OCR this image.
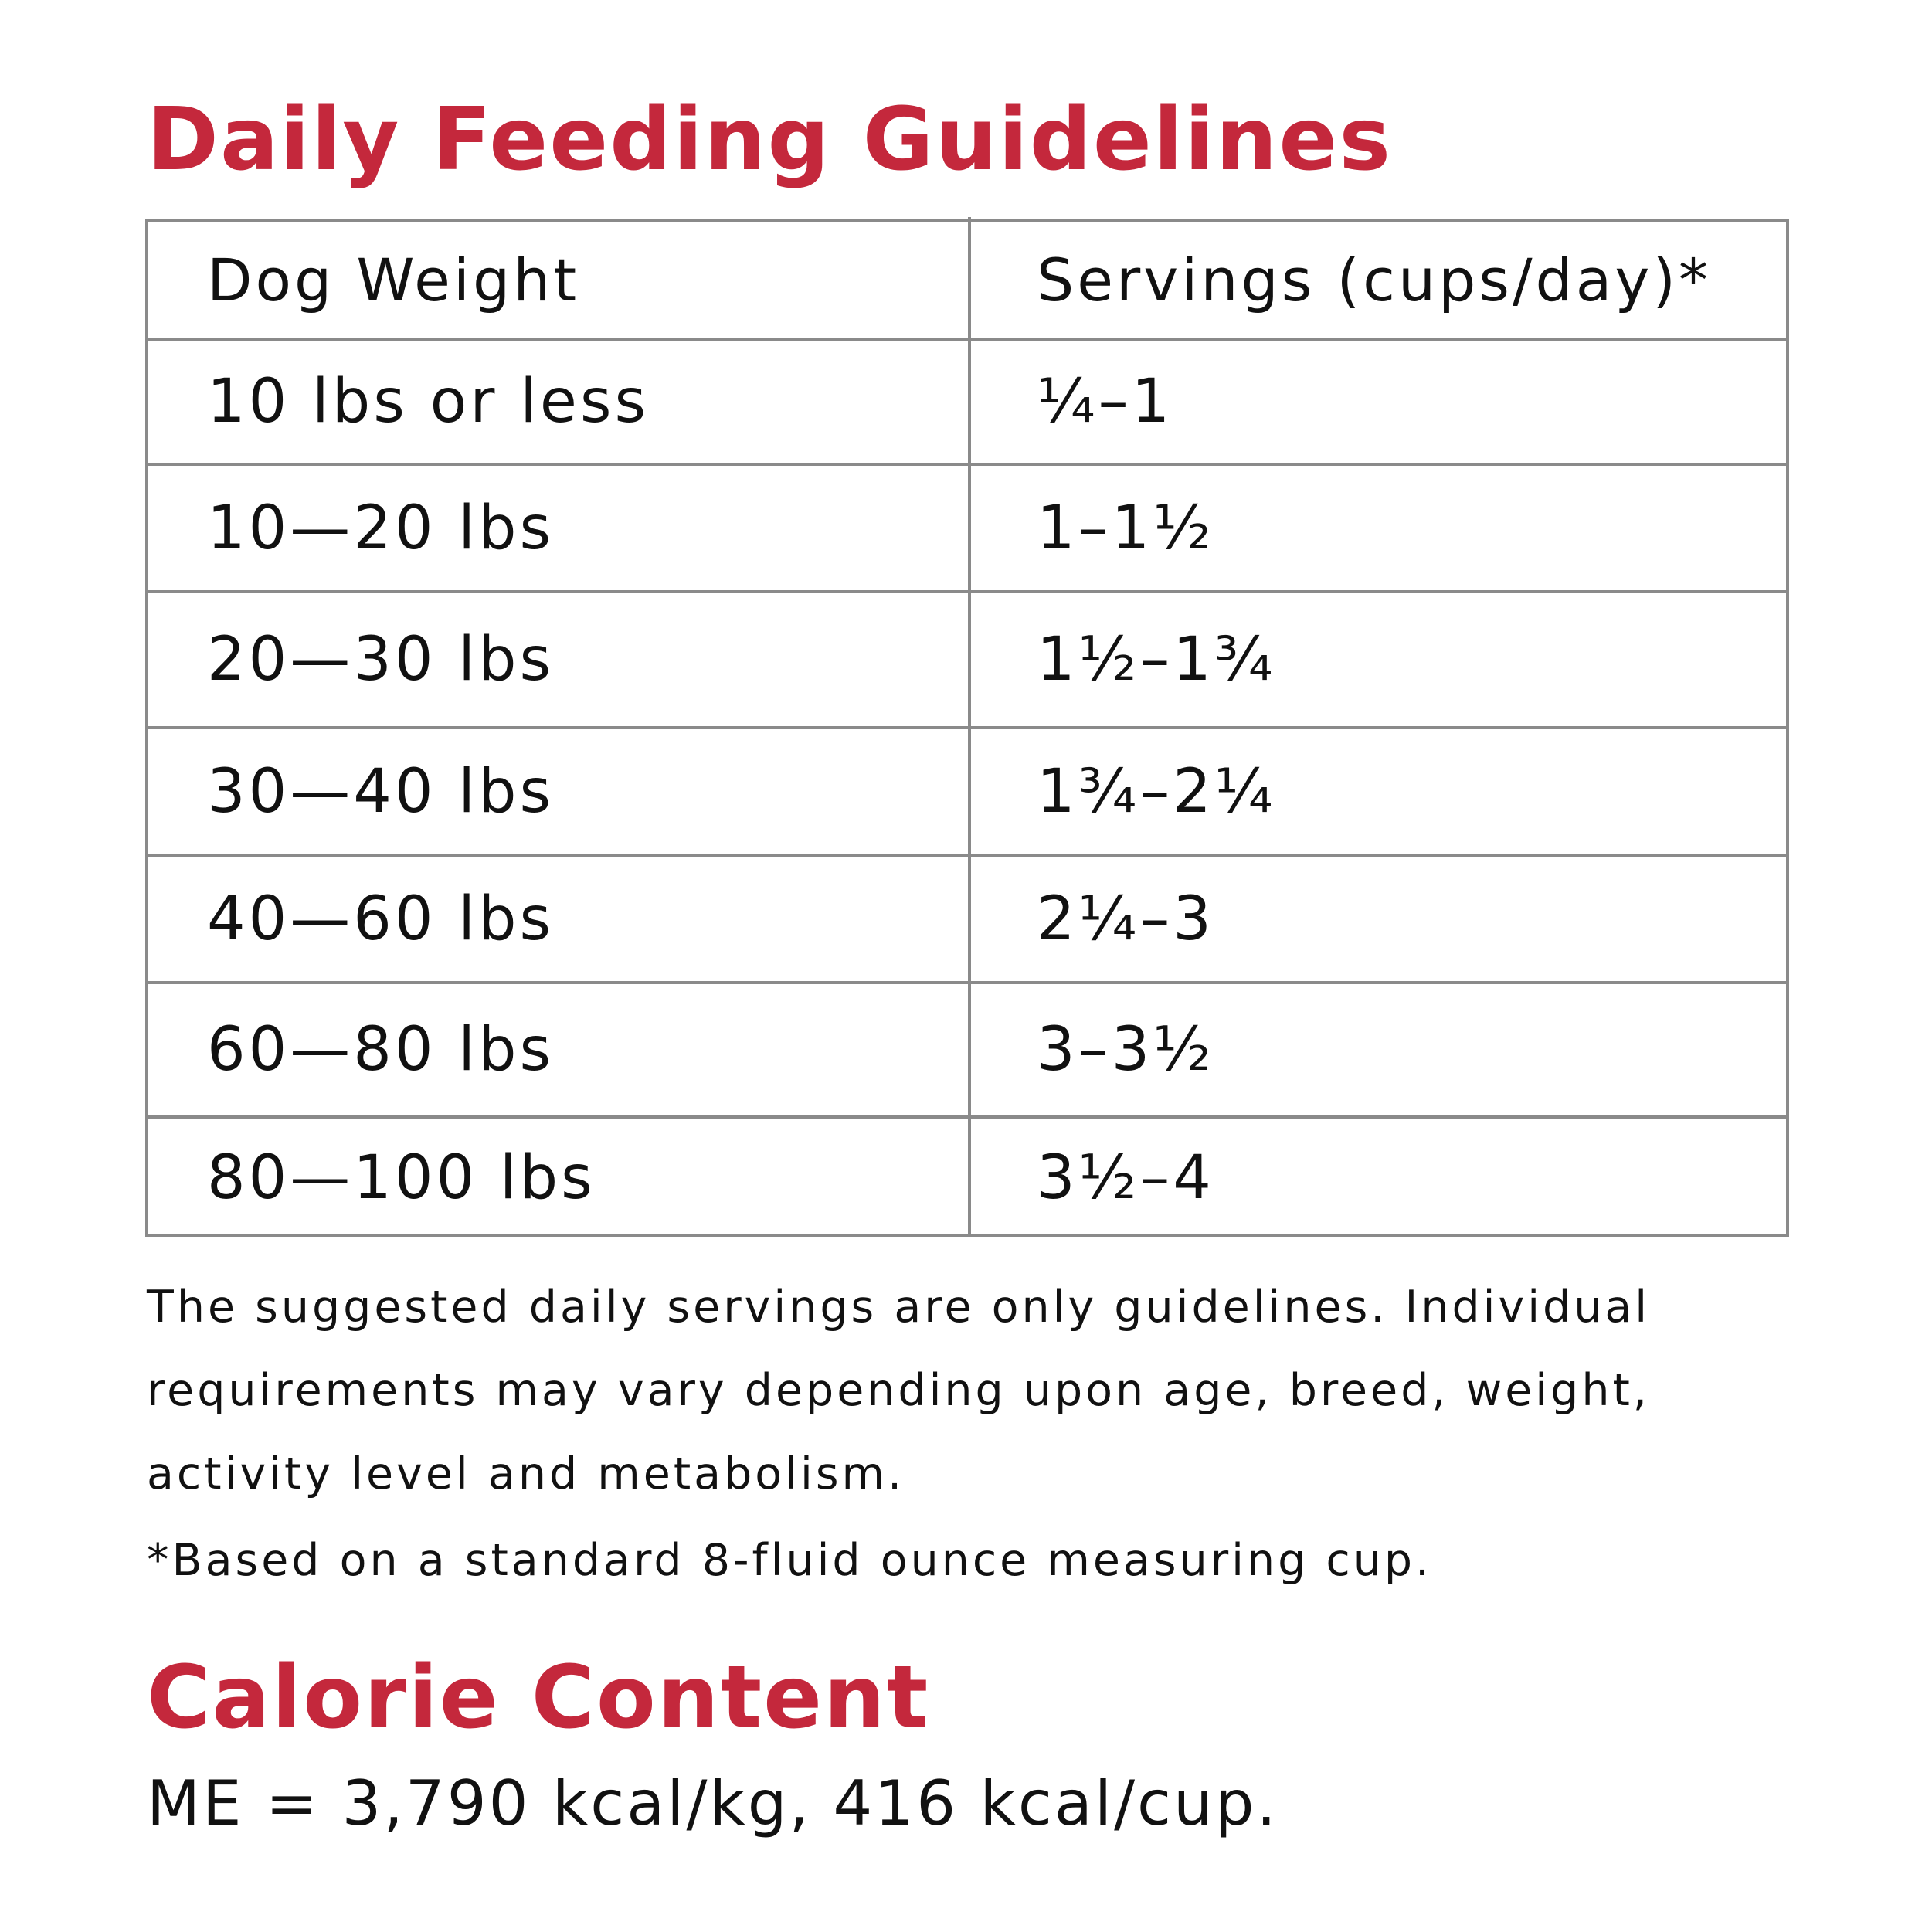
Daily Feeding Guidelines
Dog Weight	Servings (cups/day)*
10 lbs or less	¼–1
10—20 lbs	1–1½
20—30 lbs	1½–1¾
30—40 lbs	1¾–2¼
40—60 lbs	2¼–3
60—80 lbs	3–3½
80—100 lbs	3½–4

The suggested daily servings are only guidelines. Individual requirements may vary depending upon age, breed, weight, activity level and metabolism.

*Based on a standard 8-fluid ounce measuring cup.

Calorie Content

ME = 3,790 kcal/kg, 416 kcal/cup.
